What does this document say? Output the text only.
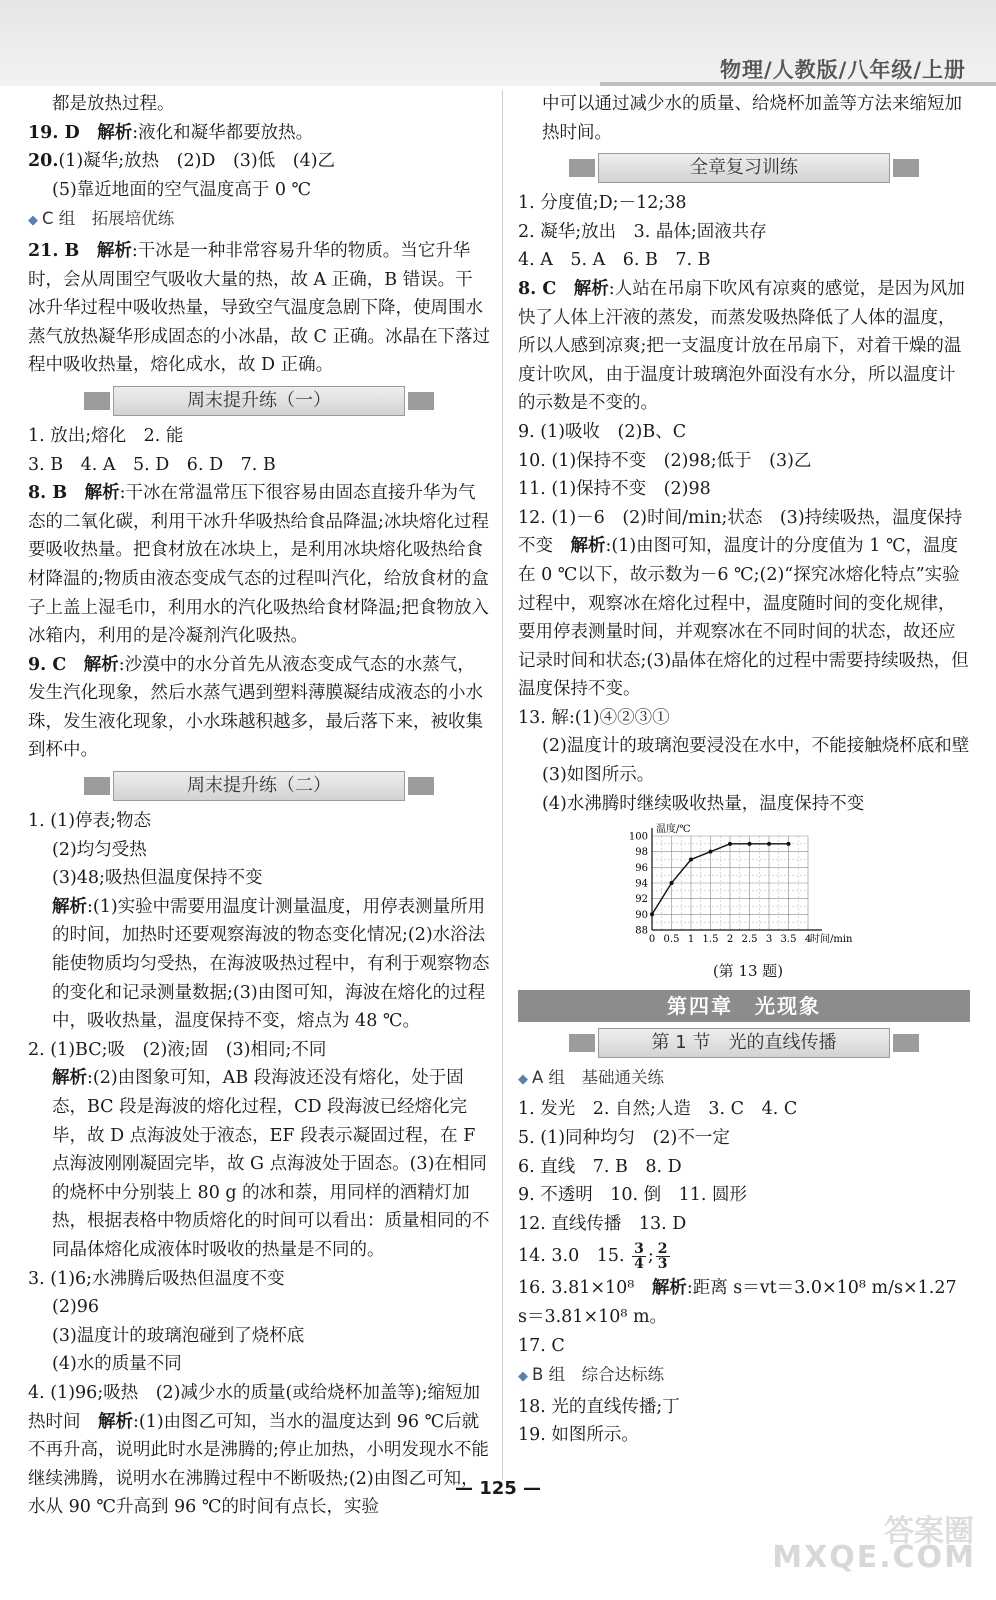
物理/人教版/八年级/上册

都是放热过程。

19. D　 解析:液化和凝华都要放热。

20.(1)凝华;放热　(2)D　(3)低　(4)乙

(5)靠近地面的空气温度高于 0 ℃

◆ C 组　拓展培优练

21. B　 解析:干冰是一种非常容易升华的物质。当它升华时，会从周围空气吸收大量的热，故 A 正确，B 错误。干冰升华过程中吸收热量，导致空气温度急剧下降，使周围水蒸气放热凝华形成固态的小冰晶，故 C 正确。冰晶在下落过程中吸收热量，熔化成水，故 D 正确。

周末提升练（一）

1. 放出;熔化　2. 能

3. B　4. A　5. D　6. D　7. B

8. B　 解析:干冰在常温常压下很容易由固态直接升华为气态的二氧化碳，利用干冰升华吸热给食品降温;冰块熔化过程要吸收热量。把食材放在冰块上，是利用冰块熔化吸热给食材降温的;物质由液态变成气态的过程叫汽化，给放食材的盒子上盖上湿毛巾，利用水的汽化吸热给食材降温;把食物放入冰箱内，利用的是冷凝剂汽化吸热。

9. C　 解析:沙漠中的水分首先从液态变成气态的水蒸气，发生汽化现象，然后水蒸气遇到塑料薄膜凝结成液态的小水珠，发生液化现象，小水珠越积越多，最后落下来，被收集到杯中。

周末提升练（二）

1. (1)停表;物态

(2)均匀受热

(3)48;吸热但温度保持不变

解析:(1)实验中需要用温度计测量温度，用停表测量所用的时间，加热时还要观察海波的物态变化情况;(2)水浴法能使物质均匀受热，在海波吸热过程中，有利于观察物态的变化和记录测量数据;(3)由图可知，海波在熔化的过程中，吸收热量，温度保持不变，熔点为 48 ℃。

2. (1)BC;吸　(2)液;固　(3)相同;不同

解析:(2)由图象可知，AB 段海波还没有熔化，处于固态，BC 段是海波的熔化过程，CD 段海波已经熔化完毕，故 D 点海波处于液态，EF 段表示凝固过程，在 F 点海波刚刚凝固完毕，故 G 点海波处于固态。(3)在相同的烧杯中分别装上 80 g 的冰和萘，用同样的酒精灯加热，根据表格中物质熔化的时间可以看出：质量相同的不同晶体熔化成液体时吸收的热量是不同的。

3. (1)6;水沸腾后吸热但温度不变

(2)96

(3)温度计的玻璃泡碰到了烧杯底

(4)水的质量不同

4. (1)96;吸热　(2)减少水的质量(或给烧杯加盖等);缩短加热时间　 解析:(1)由图乙可知，当水的温度达到 96 ℃后就不再升高，说明此时水是沸腾的;停止加热，小明发现水不能继续沸腾，说明水在沸腾过程中不断吸热;(2)由图乙可知，水从 90 ℃升高到 96 ℃的时间有点长，实验

中可以通过减少水的质量、给烧杯加盖等方法来缩短加热时间。

全章复习训练

1. 分度值;D;－12;38

2. 凝华;放出　3. 晶体;固液共存

4. A　5. A　6. B　7. B

8. C　 解析:人站在吊扇下吹风有凉爽的感觉，是因为风加快了人体上汗液的蒸发，而蒸发吸热降低了人体的温度，所以人感到凉爽;把一支温度计放在吊扇下，对着干燥的温度计吹风，由于温度计玻璃泡外面没有水分，所以温度计的示数是不变的。

9. (1)吸收　(2)B、C

10. (1)保持不变　(2)98;低于　(3)乙

11. (1)保持不变　(2)98

12. (1)－6　(2)时间/min;状态　(3)持续吸热，温度保持不变　 解析:(1)由图可知，温度计的分度值为 1 ℃，温度在 0 ℃以下，故示数为－6 ℃;(2)“探究冰熔化特点”实验过程中，观察冰在熔化过程中，温度随时间的变化规律，要用停表测量时间，并观察冰在不同时间的状态，故还应记录时间和状态;(3)晶体在熔化的过程中需要持续吸热，但温度保持不变。

13. 解:(1)④②③①

(2)温度计的玻璃泡要浸没在水中，不能接触烧杯底和壁

(3)如图所示。

(4)水沸腾时继续吸收热量，温度保持不变

0 0.5 1 1.5 2 2.5 3 3.5 4
88
90
92
94
96
98
100
时间/min
温度/℃
(第 13 题)
第四章　光现象
第 1 节　光的直线传播

◆ A 组　基础通关练

1. 发光　2. 自然;人造　3. C　4. C

5. (1)同种均匀　(2)不一定

6. 直线　7. B　8. D

9. 不透明　10. 倒　11. 圆形

12. 直线传播　13. D

14. 3.0　15. $\frac{3}{4}$ ; $\frac{2}{3}$

16. 3.81×10⁸　 解析:距离 s＝vt＝3.0×10⁸ m/s×1.27 s＝3.81×10⁸ m。

17. C

◆ B 组　综合达标练

18. 光的直线传播;丁

19. 如图所示。

— 125 —
答案圈
MXQE.COM
